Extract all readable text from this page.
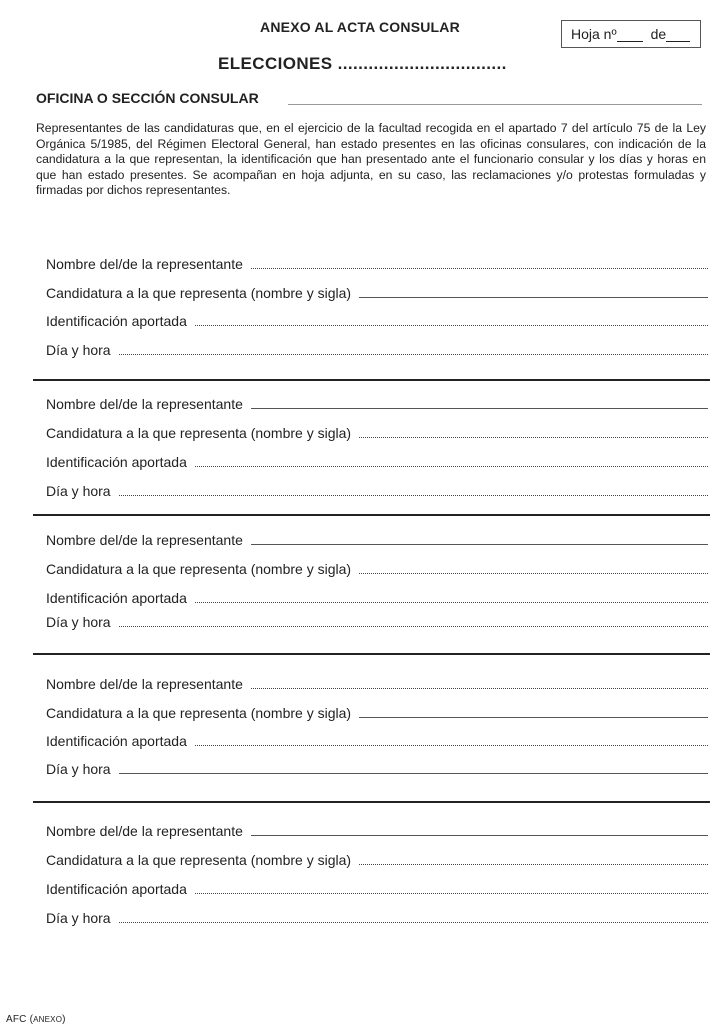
ANEXO AL ACTA CONSULAR	Hoja nº de
ELECCIONES .................................
OFICINA O SECCIÓN CONSULAR
Representantes de las candidaturas que, en el ejercicio de la facultad recogida en el apartado 7 del artículo 75 de la Ley Orgánica 5/1985, del Régimen Electoral General, han estado presentes en las oficinas consulares, con indicación de la candidatura a la que representan, la identificación que han presentado ante el funcionario consular y los días y horas en que han estado presentes. Se acompañan en hoja adjunta, en su caso, las reclamaciones y/o protestas formuladas y firmadas por dichos representantes.
Nombre del/de la representante
Candidatura a la que representa (nombre y sigla)
Identificación aportada
Día y hora
Nombre del/de la representante
Candidatura a la que representa (nombre y sigla)
Identificación aportada
Día y hora
Nombre del/de la representante
Candidatura a la que representa (nombre y sigla)
Identificación aportada
Día y hora
Nombre del/de la representante
Candidatura a la que representa (nombre y sigla)
Identificación aportada
Día y hora
Nombre del/de la representante
Candidatura a la que representa (nombre y sigla)
Identificación aportada
Día y hora
AFC (ANEXO)
